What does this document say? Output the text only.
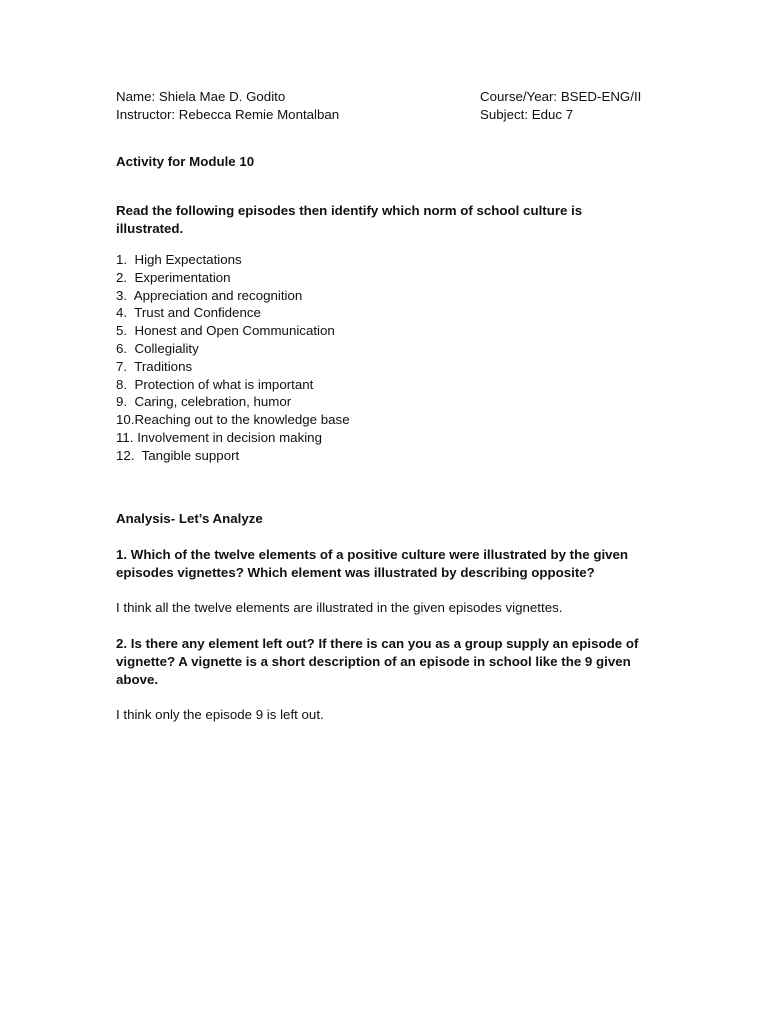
Name: Shiela Mae D. Godito	Course/Year: BSED-ENG/II
Instructor: Rebecca Remie Montalban	Subject: Educ 7
Activity for Module 10
Read the following episodes then identify which norm of school culture is illustrated.
1.  High Expectations
2.  Experimentation
3.  Appreciation and recognition
4.  Trust and Confidence
5.  Honest and Open Communication
6.  Collegiality
7.  Traditions
8.  Protection of what is important
9.  Caring, celebration, humor
10.Reaching out to the knowledge base
11. Involvement in decision making
12.  Tangible support
Analysis- Let’s Analyze
1. Which of the twelve elements of a positive culture were illustrated by the given episodes vignettes? Which element was illustrated by describing opposite?
I think all the twelve elements are illustrated in the given episodes vignettes.
2. Is there any element left out? If there is can you as a group supply an episode of vignette? A vignette is a short description of an episode in school like the 9 given above.
I think only the episode 9 is left out.
